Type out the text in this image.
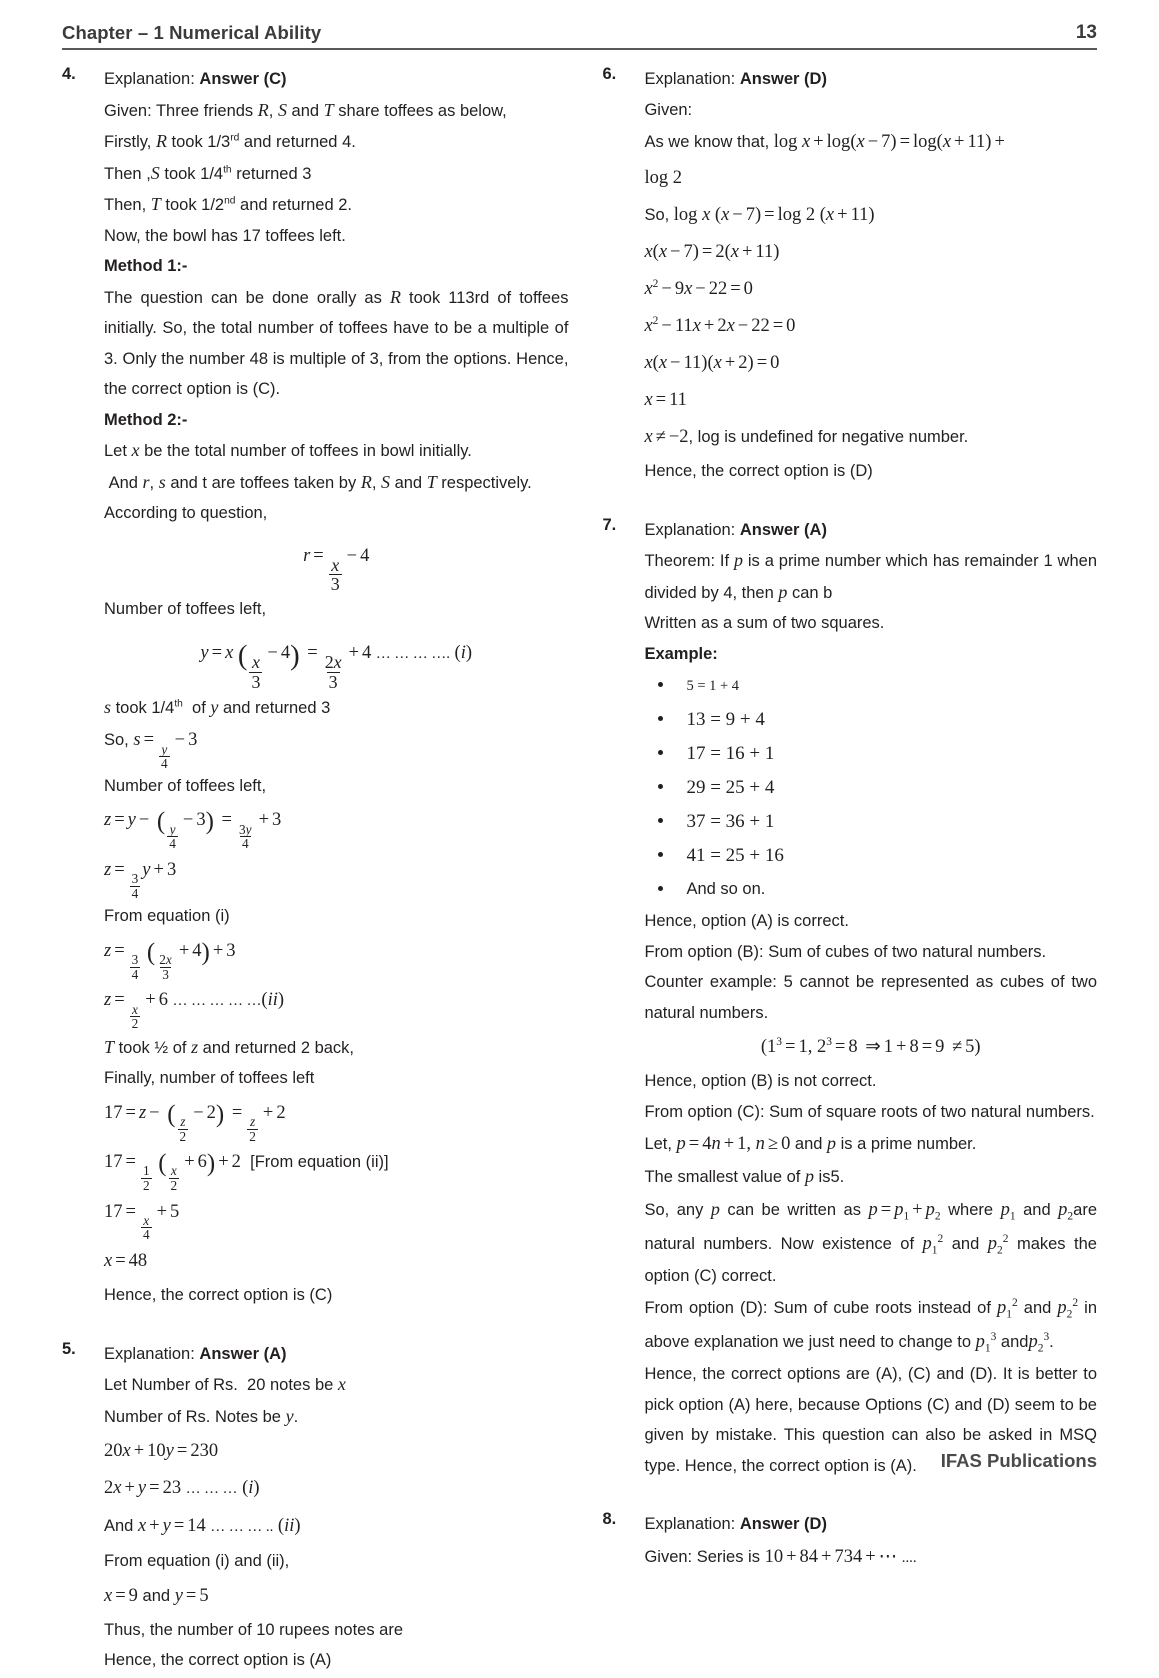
Chapter – 1 Numerical Ability	13
4.	Explanation: Answer (C)
Given: Three friends R, S and T share toffees as below,
Firstly, R took 1/3rd and returned 4.
Then ,S took 1/4th returned 3
Then, T took 1/2nd and returned 2.
Now, the bowl has 17 toffees left.
Method 1:-
The question can be done orally as R took 113rd of toffees initially. So, the total number of toffees have to be a multiple of 3. Only the number 48 is multiple of 3, from the options. Hence, the correct option is (C).
Method 2:-
Let x be the total number of toffees in bowl initially.
And r, s and t are toffees taken by R, S and T respectively.
According to question,
r =
$\frac{x}{3}$
− 4
Number of toffees left,
y = x ( $\frac{x}{3}$
− 4) =
$\frac{2x}{3}$
+ 4 … … … …. (i)
s took 1/4th  of y and returned 3
So, s =
$\frac{y}{4}$
− 3
Number of toffees left,
z = y − (
$\frac{y}{4}$
− 3) =
$\frac{3y}{4}$
+ 3
z =
$\frac{3}{4}$
y + 3
From equation (i)
z =
$\frac{3}{4}$
(
$\frac{2x}{3}$
+ 4) + 3
z =
$\frac{x}{2}$
+ 6 … … … … …(ii)
T took ½ of z and returned 2 back,
Finally, number of toffees left
17 = z − (
$\frac{z}{2}$
− 2) =
$\frac{z}{2}$
+ 2
17 =
$\frac{1}{2}$
(
$\frac{x}{2}$
+ 6) + 2  [From equation (ii)]
17 =
$\frac{x}{4}$
+ 5
x = 48
Hence, the correct option is (C)
5.	Explanation: Answer (A)
Let Number of Rs.  20 notes be x
Number of Rs. Notes be y.
20x + 10y = 230
2x + y = 23 … … … (i)
And x + y = 14 … … … .. (ii)
From equation (i) and (ii),
x = 9 and y = 5
Thus, the number of 10 rupees notes are
Hence, the correct option is (A)
6.	Explanation: Answer (D)
Given:
As we know that, log x + log(x − 7) = log(x + 11) +
log 2
So, log x (x − 7) = log 2 (x + 11)
x(x − 7) = 2(x + 11)
$x^2 - 9x - 22 = 0$
$x^2 - 11x + 2x - 22 = 0$
x(x − 11)(x + 2) = 0
x = 11
x ≠ −2, log is undefined for negative number.
Hence, the correct option is (D)
7.	Explanation: Answer (A)
Theorem: If p is a prime number which has remainder 1 when divided by 4, then p can b
Written as a sum of two squares.
Example:
5 = 1 + 4
13 = 9 + 4
17 = 16 + 1
29 = 25 + 4
37 = 36 + 1
41 = 25 + 16
And so on.
Hence, option (A) is correct.
From option (B): Sum of cubes of two natural numbers.
Counter example: 5 cannot be represented as cubes of two natural numbers.
($1^3 = 1$, $2^3 = 8$ ⇒ 1 + 8 = 9 ≠ 5)
Hence, option (B) is not correct.
From option (C): Sum of square roots of two natural numbers.
Let, p = 4n + 1, n ≥ 0 and p is a prime number.
The smallest value of p is5.
So, any p can be written as $p = p_1 + p_2$ where $p_1$ and $p_2are$ natural numbers. Now existence of $p_1^2$ and $p_2^2$ makes the option (C) correct.
From option (D): Sum of cube roots instead of $p_1^2$ and $p_2^2$ in above explanation we just need to change to $p_1^3$ andp$_2^3$.
Hence, the correct options are (A), (C) and (D). It is better to pick option (A) here, because Options (C) and (D) seem to be given by mistake. This question can also be asked in MSQ type. Hence, the correct option is (A).
8.	Explanation: Answer (D)
Given: Series is 10 + 84 + 734 + ⋯ ....
IFAS Publications
